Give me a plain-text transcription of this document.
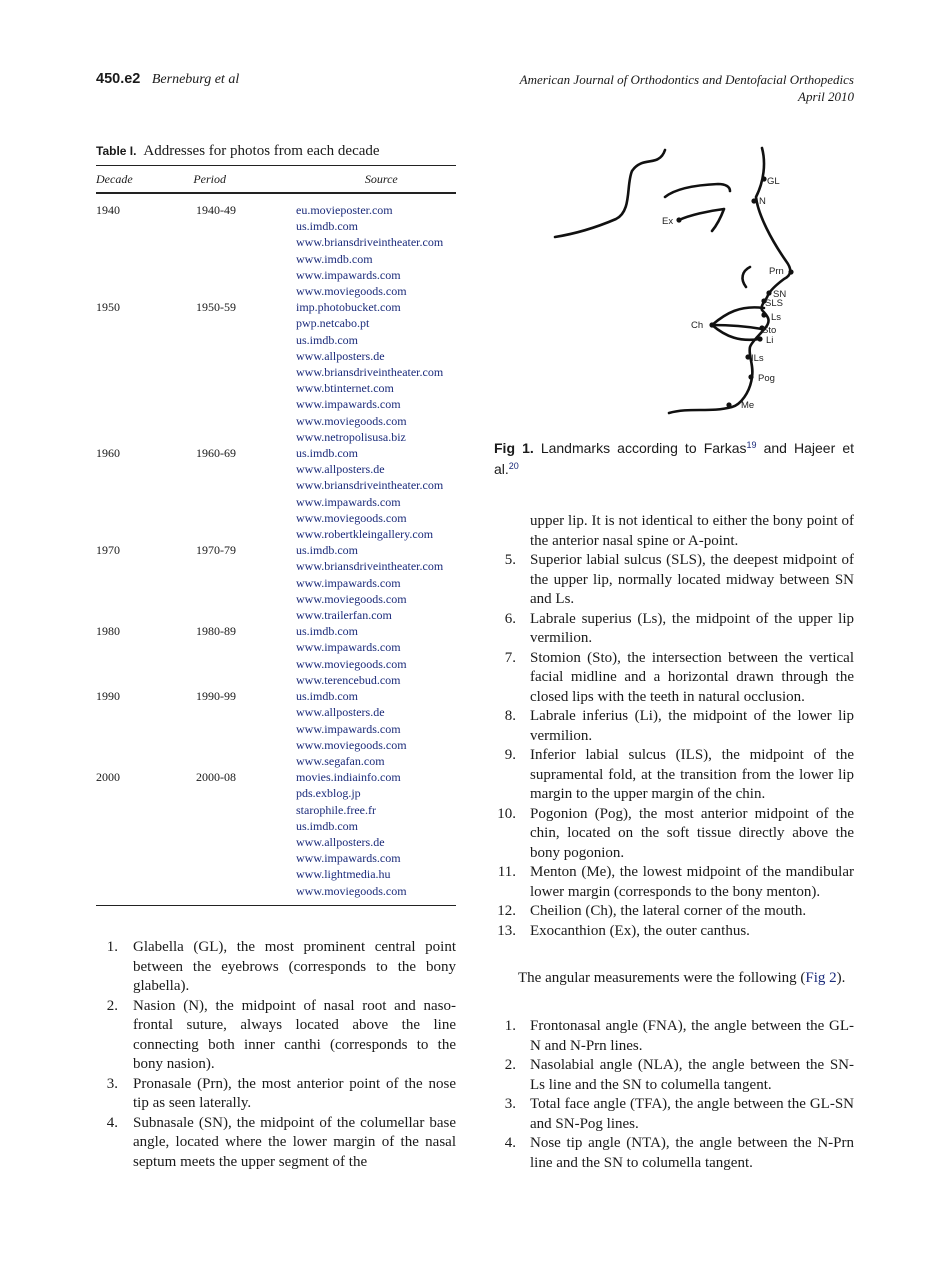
450.e2 Berneburg et al	American Journal of Orthodontics and Dentofacial Orthopedics
April 2010
Table I. Addresses for photos from each decade
Decade	Period	Source
1940	1940-49	eu.movieposter.com
us.imdb.com
www.briansdriveintheater.com
www.imdb.com
www.impawards.com
www.moviegoods.com
1950	1950-59	imp.photobucket.com
pwp.netcabo.pt
us.imdb.com
www.allposters.de
www.briansdriveintheater.com
www.btinternet.com
www.impawards.com
www.moviegoods.com
www.netropolisusa.biz
1960	1960-69	us.imdb.com
www.allposters.de
www.briansdriveintheater.com
www.impawards.com
www.moviegoods.com
www.robertkleingallery.com
1970	1970-79	us.imdb.com
www.briansdriveintheater.com
www.impawards.com
www.moviegoods.com
www.trailerfan.com
1980	1980-89	us.imdb.com
www.impawards.com
www.moviegoods.com
www.terencebud.com
1990	1990-99	us.imdb.com
www.allposters.de
www.impawards.com
www.moviegoods.com
www.segafan.com
2000	2000-08	movies.indiainfo.com
pds.exblog.jp
starophile.free.fr
us.imdb.com
www.allposters.de
www.impawards.com
www.lightmedia.hu
www.moviegoods.com
1. Glabella (GL), the most prominent central point between the eyebrows (corresponds to the bony glabella).
2. Nasion (N), the midpoint of nasal root and naso-frontal suture, always located above the line connecting both inner canthi (corresponds to the bony nasion).
3. Pronasale (Prn), the most anterior point of the nose tip as seen laterally.
4. Subnasale (SN), the midpoint of the columellar base angle, located where the lower margin of the nasal septum meets the upper segment of the
GL
N
Ex
Prn
SN
SLS
Ls
Ch	Sto
Li
ILs
Pog
Me
Fig 1. Landmarks according to Farkas$^{19}$ and Hajeer et al.$^{20}$

upper lip. It is not identical to either the bony point of the anterior nasal spine or A-point.

5. Superior labial sulcus (SLS), the deepest midpoint of the upper lip, normally located midway between SN and Ls.
6. Labrale superius (Ls), the midpoint of the upper lip vermilion.
7. Stomion (Sto), the intersection between the vertical facial midline and a horizontal drawn through the closed lips with the teeth in natural occlusion.
8. Labrale inferius (Li), the midpoint of the lower lip vermilion.
9. Inferior labial sulcus (ILS), the midpoint of the supramental fold, at the transition from the lower lip margin to the upper margin of the chin.
10. Pogonion (Pog), the most anterior midpoint of the chin, located on the soft tissue directly above the bony pogonion.
11. Menton (Me), the lowest midpoint of the mandibular lower margin (corresponds to the bony menton).
12. Cheilion (Ch), the lateral corner of the mouth.
13. Exocanthion (Ex), the outer canthus.

The angular measurements were the following (Fig 2).

1. Frontonasal angle (FNA), the angle between the GL-N and N-Prn lines.
2. Nasolabial angle (NLA), the angle between the SN-Ls line and the SN to columella tangent.
3. Total face angle (TFA), the angle between the GL-SN and SN-Pog lines.
4. Nose tip angle (NTA), the angle between the N-Prn line and the SN to columella tangent.
